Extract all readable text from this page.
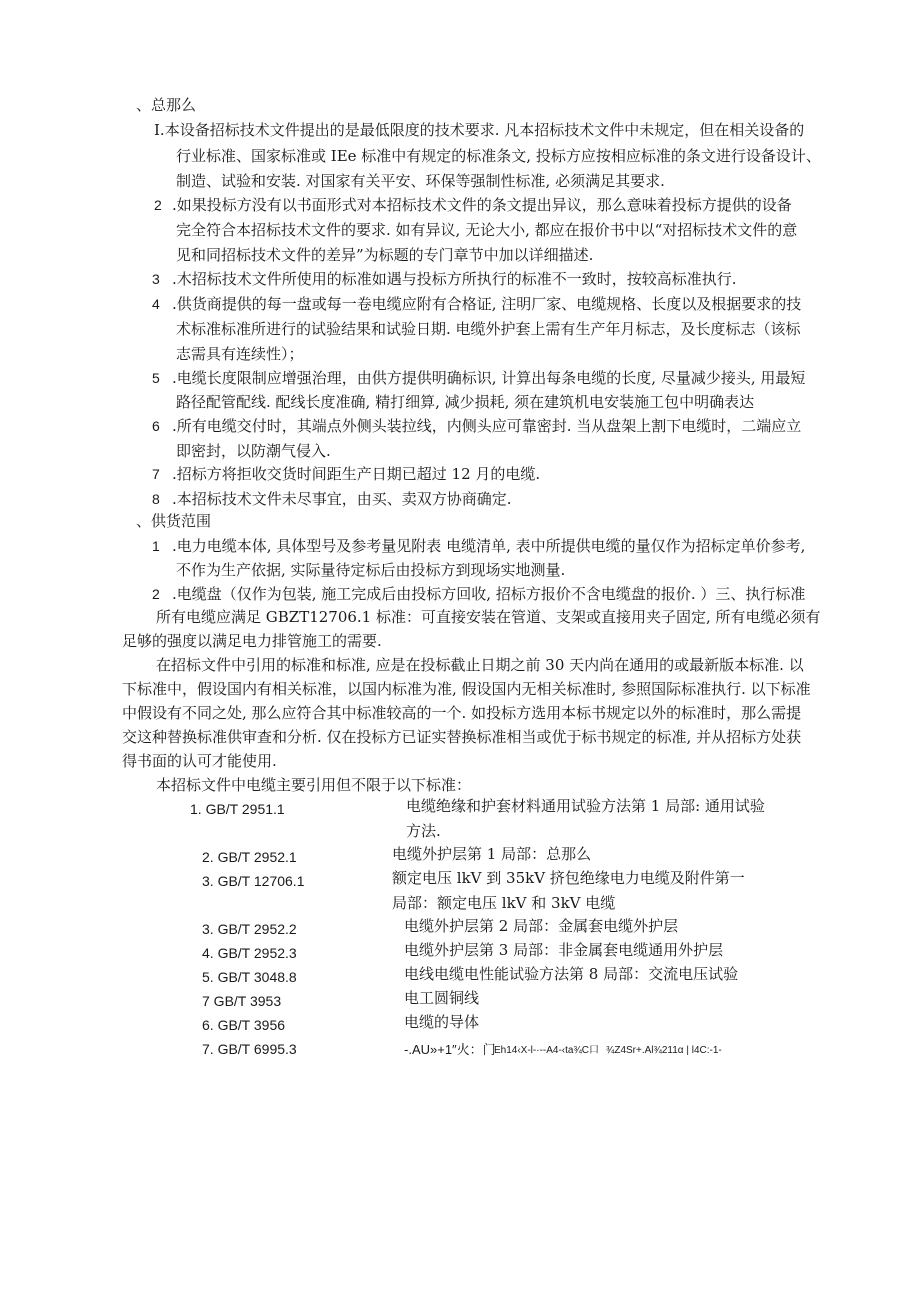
、总那么
I.本设备招标技术文件提出的是最低限度的技术要求. 凡本招标技术文件中未规定，但在相关设备的
行业标准、国家标准或 IEe 标准中有规定的标准条文, 投标方应按相应标准的条文进行设备设计、
制造、试验和安装. 对国家有关平安、环保等强制性标准, 必须满足其要求.
2 .如果投标方没有以书面形式对本招标技术文件的条文提出异议，那么意味着投标方提供的设备
完全符合本招标技术文件的要求. 如有异议, 无论大小, 都应在报价书中以“对招标技术文件的意
见和同招标技术文件的差异”为标题的专门章节中加以详细描述.
3 .木招标技术文件所使用的标准如遇与投标方所执行的标准不一致时，按较高标准执行.
4 .供货商提供的每一盘或每一卷电缆应附有合格证, 注明厂家、电缆规格、长度以及根据要求的技
术标准标准所进行的试验结果和试验日期. 电缆外护套上需有生产年月标志，及长度标志（该标
志需具有连续性）；
5 .电缆长度限制应增强治理，由供方提供明确标识, 计算出每条电缆的长度, 尽量减少接头, 用最短
路径配管配线. 配线长度准确, 精打细算, 减少损耗, 须在建筑机电安装施工包中明确表达
6 .所有电缆交付时，其端点外侧头装拉线，内侧头应可靠密封. 当从盘架上割下电缆时，二端应立
即密封，以防潮气侵入.
7 .招标方将拒收交货时间距生产日期已超过 12 月的电缆.
8 .本招标技术文件未尽事宜，由买、卖双方协商确定.
、供货范围
1 .电力电缆本体, 具体型号及参考量见附表 电缆清单, 表中所提供电缆的量仅作为招标定单价参考,
不作为生产依据, 实际量待定标后由投标方到现场实地测量.
2 .电缆盘（仅作为包装, 施工完成后由投标方回收, 招标方报价不含电缆盘的报价. ）三、执行标准
所有电缆应满足 GBZT12706.1 标准：可直接安装在管道、支架或直接用夹子固定, 所有电缆必须有
足够的强度以满足电力排管施工的需要.
在招标文件中引用的标准和标准, 应是在投标截止日期之前 30 天内尚在通用的或最新版本标准. 以
下标准中，假设国内有相关标准，以国内标准为准, 假设国内无相关标准时, 参照国际标准执行. 以下标准
中假设有不同之处, 那么应符合其中标准较高的一个. 如投标方选用本标书规定以外的标准时，那么需提
交这种替换标准供审查和分析. 仅在投标方已证实替换标准相当或优于标书规定的标准, 并从招标方处获
得书面的认可才能使用.
本招标文件中电缆主要引用但不限于以下标准：
1. GB/T 2951.1	电缆绝缘和护套材料通用试验方法第 1 局部: 通用试验
方法.
2. GB/T 2952.1	电缆外护层第 1 局部：总那么
3. GB/T 12706.1	额定电压 lkV 到 35kV 挤包绝缘电力电缆及附件第一
局部：额定电压 lkV 和 3kV 电缆
3. GB/T 2952.2	电缆外护层第 2 局部：金属套电缆外护层
4. GB/T 2952.3	电缆外护层第 3 局部：非金属套电缆通用外护层
5. GB/T 3048.8	电线电缆电性能试验方法第 8 局部：交流电压试验
7 GB/T 3953	电工圆铜线
6. GB/T 3956	电缆的导体
7. GB/T 6995.3	-.AU»+1″火：门
Eh14‹X-l-·--A4-‹ta¾C口 ¾Z4Sr+.Al¾211α | l4C:-1-
